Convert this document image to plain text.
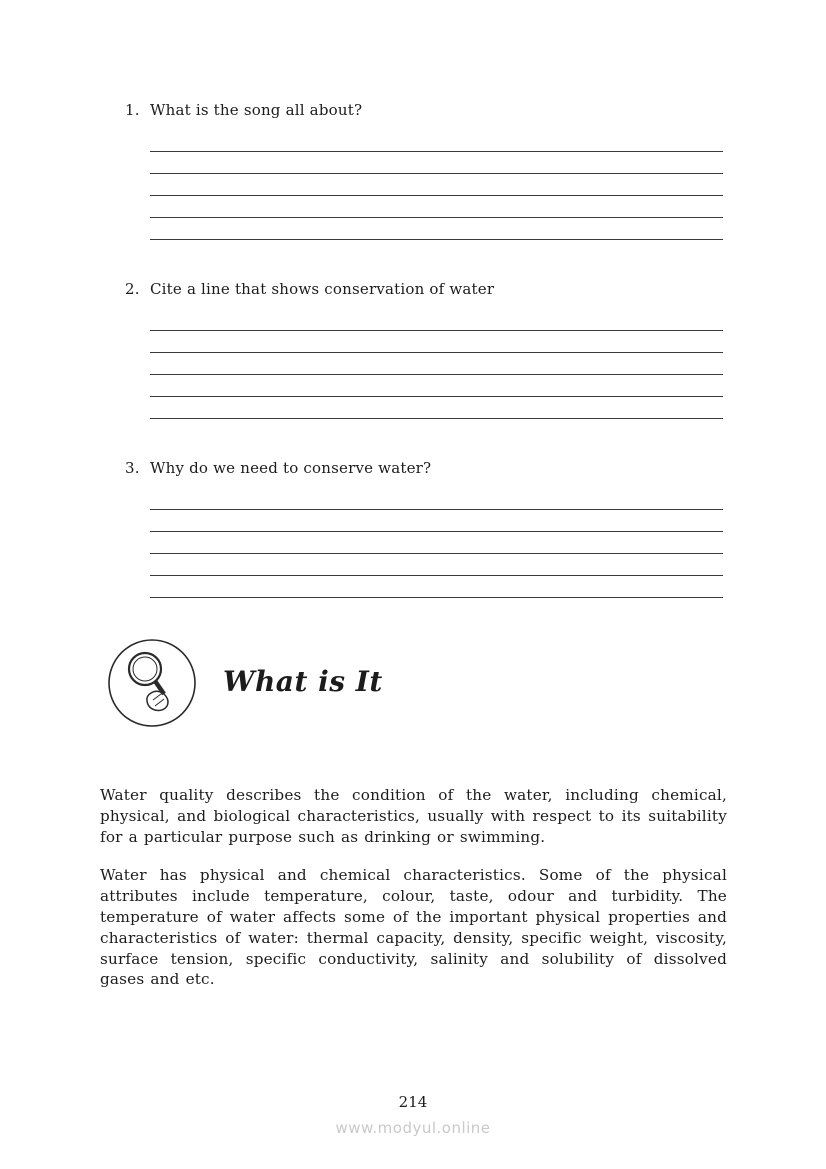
1. What is the song all about?
2. Cite a line that shows conservation of water
3. Why do we need to conserve water?
What is It

Water quality describes the condition of the water, including chemical, physical, and biological characteristics, usually with respect to its suitability for a particular purpose such as drinking or swimming.

Water has physical and chemical characteristics. Some of the physical attributes include temperature, colour, taste, odour and turbidity. The temperature of water affects some of the important physical properties and characteristics of water: thermal capacity, density, specific weight, viscosity, surface tension, specific conductivity, salinity and solubility of dissolved gases and etc.

214
www.modyul.online
